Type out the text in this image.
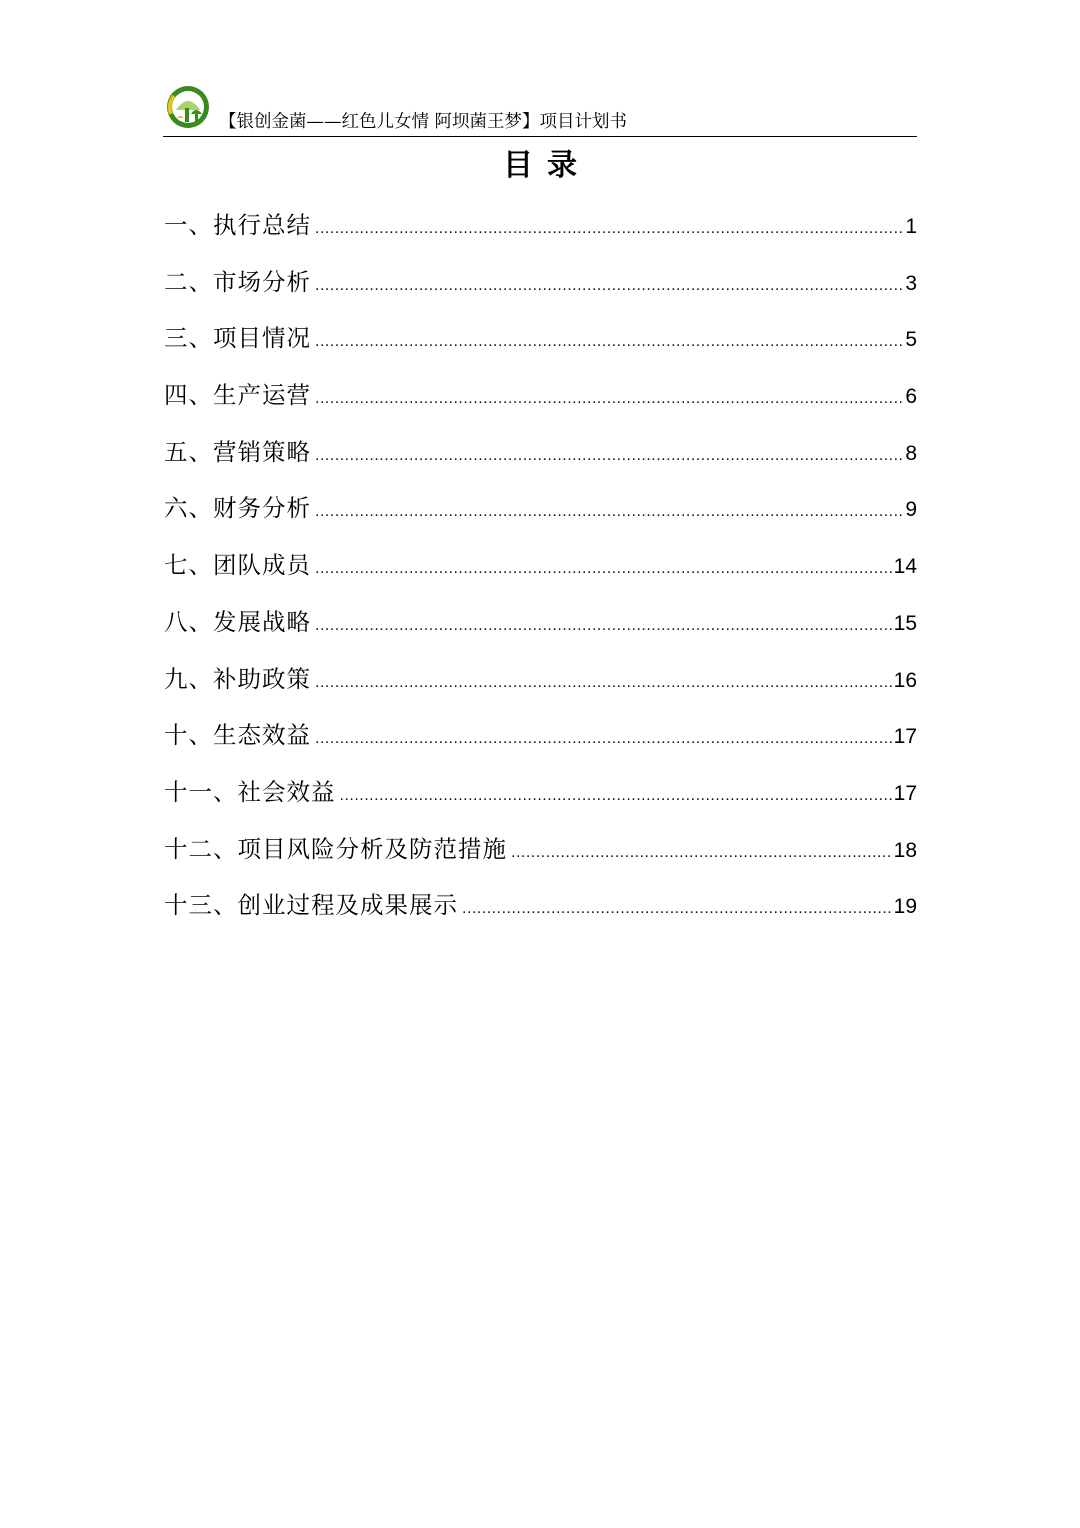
【银创金菌——红色儿女情 阿坝菌王梦】项目计划书
目录
一、执行总结 .....	1
二、市场分析 .....	3
三、项目情况 .....	5
四、生产运营 .....	6
五、营销策略 .....	8
六、财务分析 .....	9
七、团队成员 .....	14
八、发展战略 .....	15
九、补助政策 .....	16
十、生态效益 .....	17
十一、社会效益 .....	17
十二、项目风险分析及防范措施 .....	18
十三、创业过程及成果展示 .....	19
